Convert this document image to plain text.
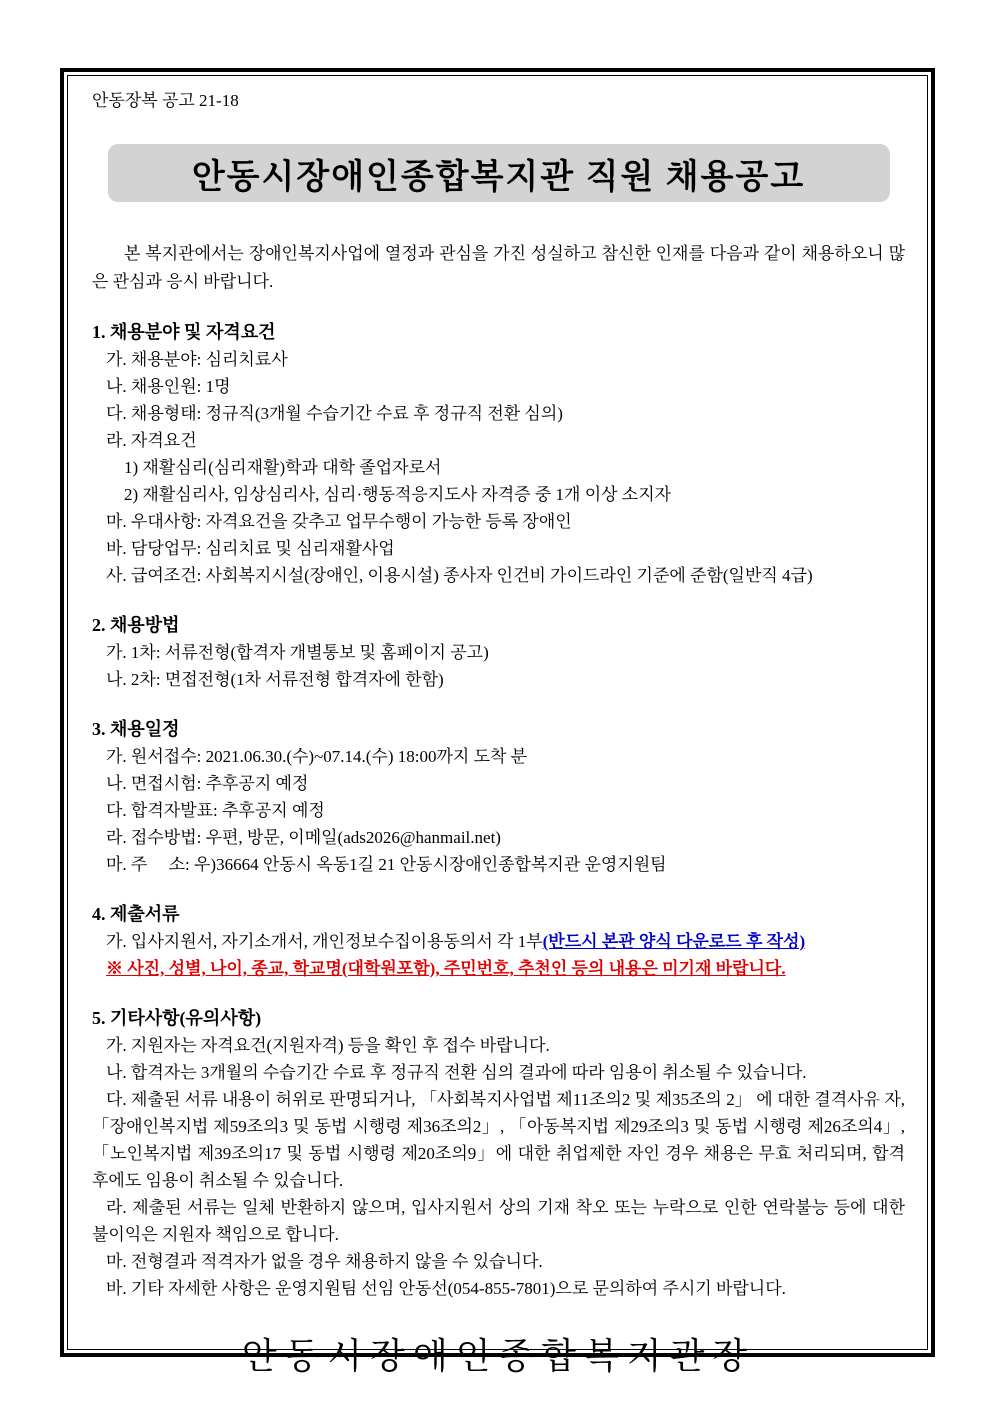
안동장복 공고 21-18
안동시장애인종합복지관 직원 채용공고

본 복지관에서는 장애인복지사업에 열정과 관심을 가진 성실하고 참신한 인재를 다음과 같이 채용하오니 많은 관심과 응시 바랍니다.

1. 채용분야 및 자격요건

가. 채용분야: 심리치료사

나. 채용인원: 1명

다. 채용형태: 정규직(3개월 수습기간 수료 후 정규직 전환 심의)

라. 자격요건

1) 재활심리(심리재활)학과 대학 졸업자로서

2) 재활심리사, 임상심리사, 심리·행동적응지도사 자격증 중 1개 이상 소지자

마. 우대사항: 자격요건을 갖추고 업무수행이 가능한 등록 장애인

바. 담당업무: 심리치료 및 심리재활사업

사. 급여조건: 사회복지시설(장애인, 이용시설) 종사자 인건비 가이드라인 기준에 준함(일반직 4급)

2. 채용방법

가. 1차: 서류전형(합격자 개별통보 및 홈페이지 공고)

나. 2차: 면접전형(1차 서류전형 합격자에 한함)

3. 채용일정

가. 원서접수: 2021.06.30.(수)~07.14.(수) 18:00까지 도착 분

나. 면접시험: 추후공지 예정

다. 합격자발표: 추후공지 예정

라. 접수방법: 우편, 방문, 이메일(ads2026@hanmail.net)

마. 주     소: 우)36664 안동시 옥동1길 21 안동시장애인종합복지관 운영지원팀

4. 제출서류

가. 입사지원서, 자기소개서, 개인정보수집이용동의서 각 1부(반드시 본관 양식 다운로드 후 작성)

※ 사진, 성별, 나이, 종교, 학교명(대학원포함), 주민번호, 추천인 등의 내용은 미기재 바랍니다.

5. 기타사항(유의사항)

가. 지원자는 자격요건(지원자격) 등을 확인 후 접수 바랍니다.

나. 합격자는 3개월의 수습기간 수료 후 정규직 전환 심의 결과에 따라 임용이 취소될 수 있습니다.

다. 제출된 서류 내용이 허위로 판명되거나, 「사회복지사업법 제11조의2 및 제35조의 2」 에 대한 결격사유 자, 「장애인복지법 제59조의3 및 동법 시행령 제36조의2」, 「아동복지법 제29조의3 및 동법 시행령 제26조의4」, 「노인복지법 제39조의17 및 동법 시행령 제20조의9」에 대한 취업제한 자인 경우 채용은 무효 처리되며, 합격 후에도 임용이 취소될 수 있습니다.

라. 제출된 서류는 일체 반환하지 않으며, 입사지원서 상의 기재 착오 또는 누락으로 인한 연락불능 등에 대한 불이익은 지원자 책임으로 합니다.

마. 전형결과 적격자가 없을 경우 채용하지 않을 수 있습니다.

바. 기타 자세한 사항은 운영지원팀 선임 안동선(054-855-7801)으로 문의하여 주시기 바랍니다.

안동시장애인종합복지관장
